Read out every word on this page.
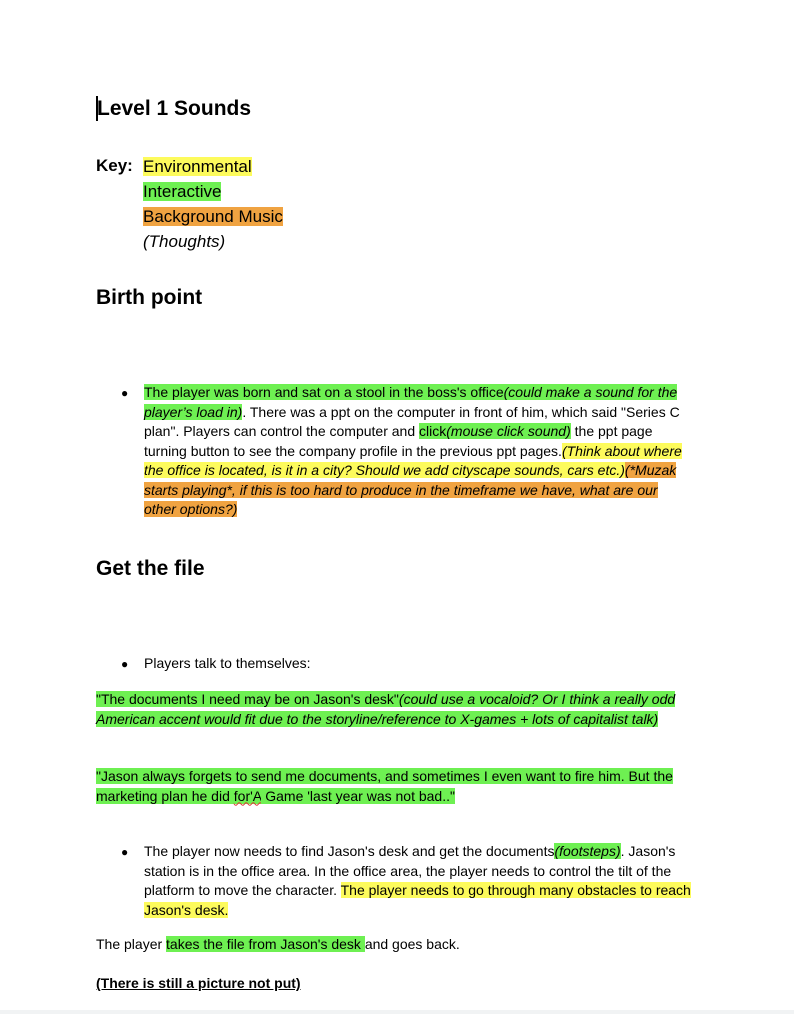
Level 1 Sounds
Key: Environmental
Interactive
Background Music
(Thoughts)
Birth point
● The player was born and sat on a stool in the boss's office(could make a sound for the player’s load in). There was a ppt on the computer in front of him, which said "Series C plan". Players can control the computer and click(mouse click sound) the ppt page turning button to see the company profile in the previous ppt pages.(Think about where the office is located, is it in a city? Should we add cityscape sounds, cars etc.)(*Muzak starts playing*, if this is too hard to produce in the timeframe we have, what are our other options?)
Get the file
● Players talk to themselves:
"The documents I need may be on Jason's desk"(could use a vocaloid? Or I think a really odd American accent would fit due to the storyline/reference to X-games + lots of capitalist talk)
"Jason always forgets to send me documents, and sometimes I even want to fire him. But the marketing plan he did for'A Game 'last year was not bad.."
● The player now needs to find Jason's desk and get the documents(footsteps). Jason's station is in the office area. In the office area, the player needs to control the tilt of the platform to move the character. The player needs to go through many obstacles to reach Jason's desk.
The player takes the file from Jason's desk and goes back.
(There is still a picture not put)
